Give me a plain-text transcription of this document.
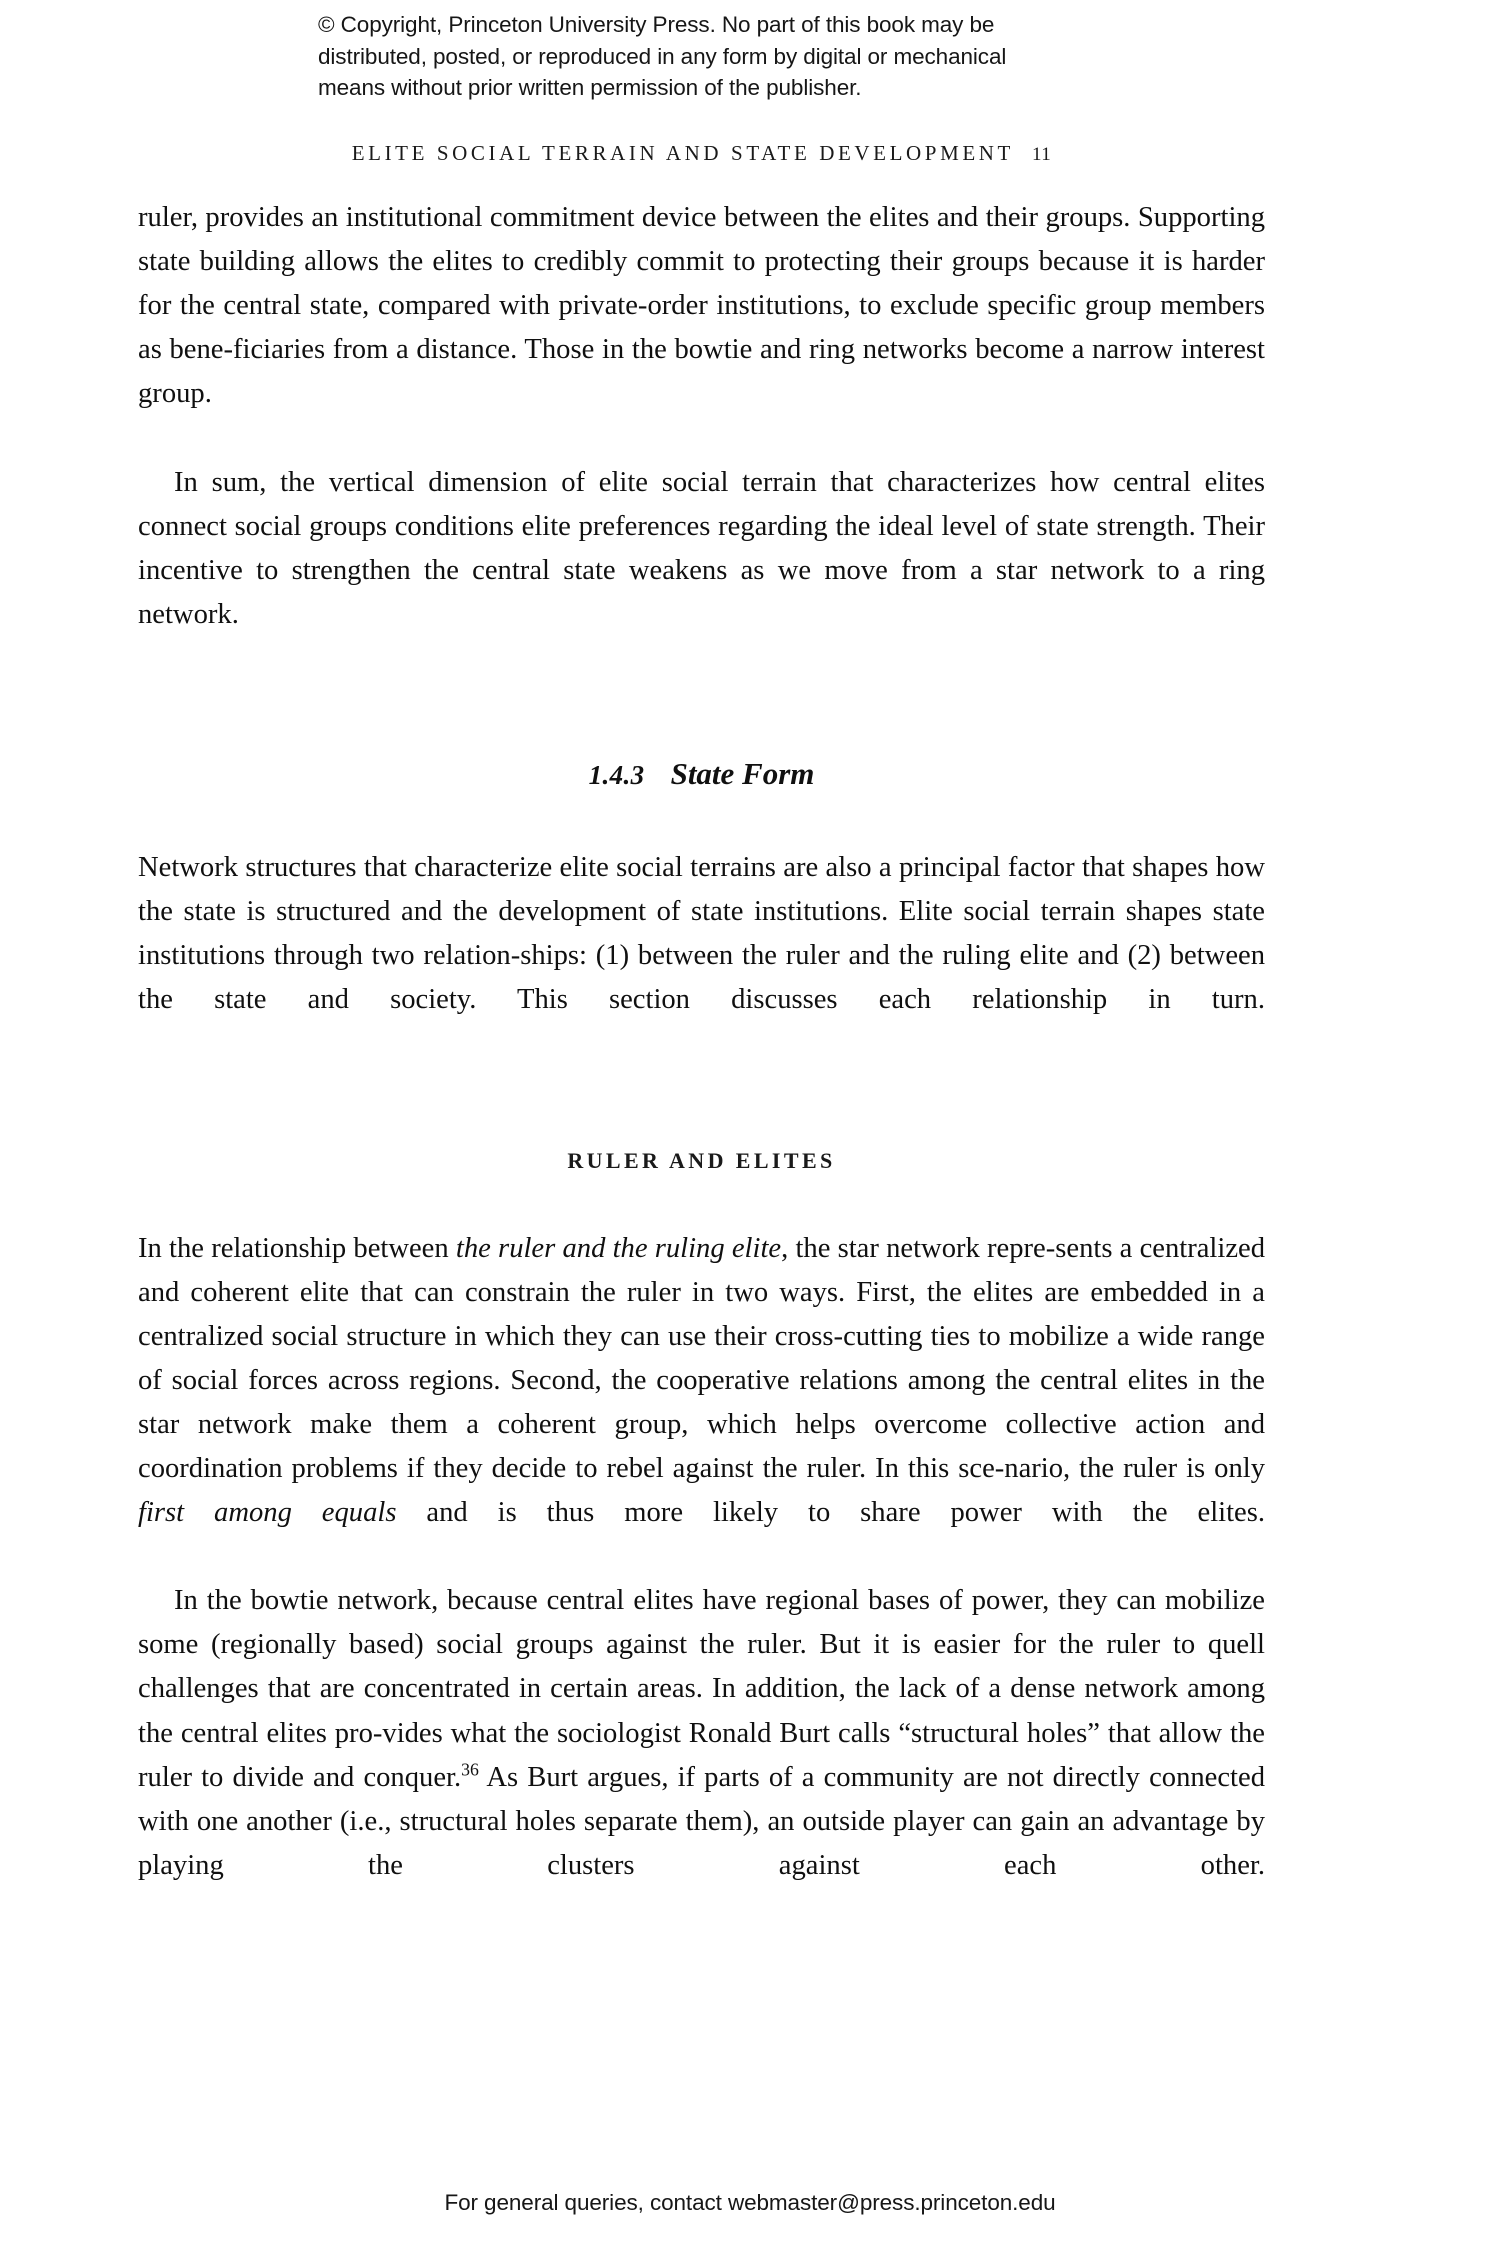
© Copyright, Princeton University Press. No part of this book may be
distributed, posted, or reproduced in any form by digital or mechanical
means without prior written permission of the publisher.
ELITE SOCIAL TERRAIN AND STATE DEVELOPMENT 11

ruler, provides an institutional commitment device between the elites and their groups. Supporting state building allows the elites to credibly commit to protecting their groups because it is harder for the central state, compared with private-order institutions, to exclude specific group members as bene-ficiaries from a distance. Those in the bowtie and ring networks become a narrow interest group.

In sum, the vertical dimension of elite social terrain that characterizes how central elites connect social groups conditions elite preferences regarding the ideal level of state strength. Their incentive to strengthen the central state weakens as we move from a star network to a ring network.

1.4.3 State Form

Network structures that characterize elite social terrains are also a principal factor that shapes how the state is structured and the development of state institutions. Elite social terrain shapes state institutions through two relation-ships: (1) between the ruler and the ruling elite and (2) between the state and society. This section discusses each relationship in turn.

RULER AND ELITES

In the relationship between the ruler and the ruling elite, the star network repre-sents a centralized and coherent elite that can constrain the ruler in two ways. First, the elites are embedded in a centralized social structure in which they can use their cross-cutting ties to mobilize a wide range of social forces across regions. Second, the cooperative relations among the central elites in the star network make them a coherent group, which helps overcome collective action and coordination problems if they decide to rebel against the ruler. In this sce-nario, the ruler is only first among equals and is thus more likely to share power with the elites.

In the bowtie network, because central elites have regional bases of power, they can mobilize some (regionally based) social groups against the ruler. But it is easier for the ruler to quell challenges that are concentrated in certain areas. In addition, the lack of a dense network among the central elites pro-vides what the sociologist Ronald Burt calls “structural holes” that allow the ruler to divide and conquer.$^{36}$ As Burt argues, if parts of a community are not directly connected with one another (i.e., structural holes separate them), an outside player can gain an advantage by playing the clusters against each other.

For general queries, contact webmaster@press.princeton.edu
